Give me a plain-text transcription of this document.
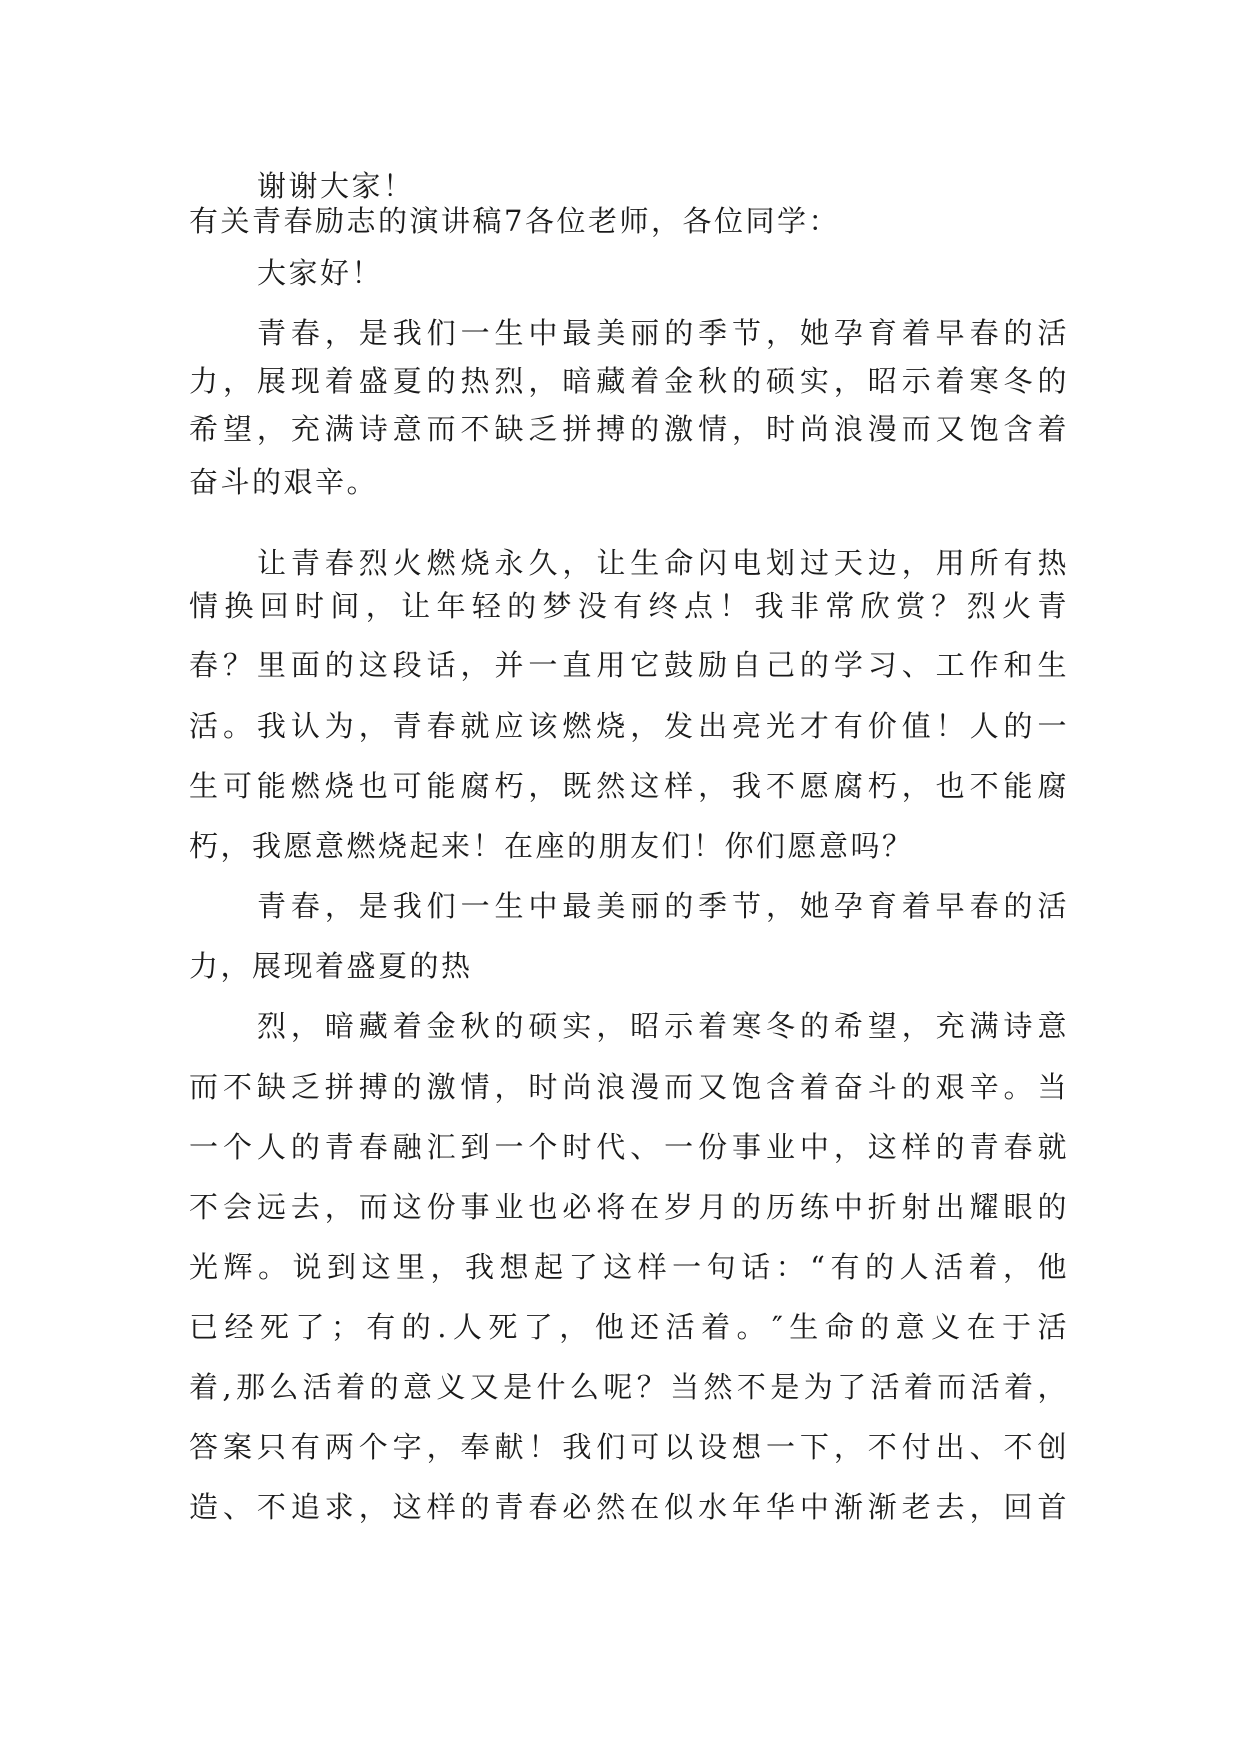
谢谢大家！
有关青春励志的演讲稿7各位老师，各位同学：
大家好！
青春，是我们一生中最美丽的季节，她孕育着早春的活
力，展现着盛夏的热烈，暗藏着金秋的硕实，昭示着寒冬的
希望，充满诗意而不缺乏拼搏的激情，时尚浪漫而又饱含着
奋斗的艰辛。
让青春烈火燃烧永久，让生命闪电划过天边，用所有热
情换回时间，让年轻的梦没有终点！我非常欣赏？烈火青
春？里面的这段话，并一直用它鼓励自己的学习、工作和生
活。我认为，青春就应该燃烧，发出亮光才有价值！人的一
生可能燃烧也可能腐朽，既然这样，我不愿腐朽，也不能腐
朽，我愿意燃烧起来！在座的朋友们！你们愿意吗？
青春，是我们一生中最美丽的季节，她孕育着早春的活
力，展现着盛夏的热
烈，暗藏着金秋的硕实，昭示着寒冬的希望，充满诗意
而不缺乏拼搏的激情，时尚浪漫而又饱含着奋斗的艰辛。当
一个人的青春融汇到一个时代、一份事业中，这样的青春就
不会远去，而这份事业也必将在岁月的历练中折射出耀眼的
光辉。说到这里，我想起了这样一句话：“有的人活着，他
已经死了；有的.人死了，他还活着。″生命的意义在于活
着,那么活着的意义又是什么呢？当然不是为了活着而活着，
答案只有两个字，奉献！我们可以设想一下，不付出、不创
造、不追求，这样的青春必然在似水年华中渐渐老去，回首
